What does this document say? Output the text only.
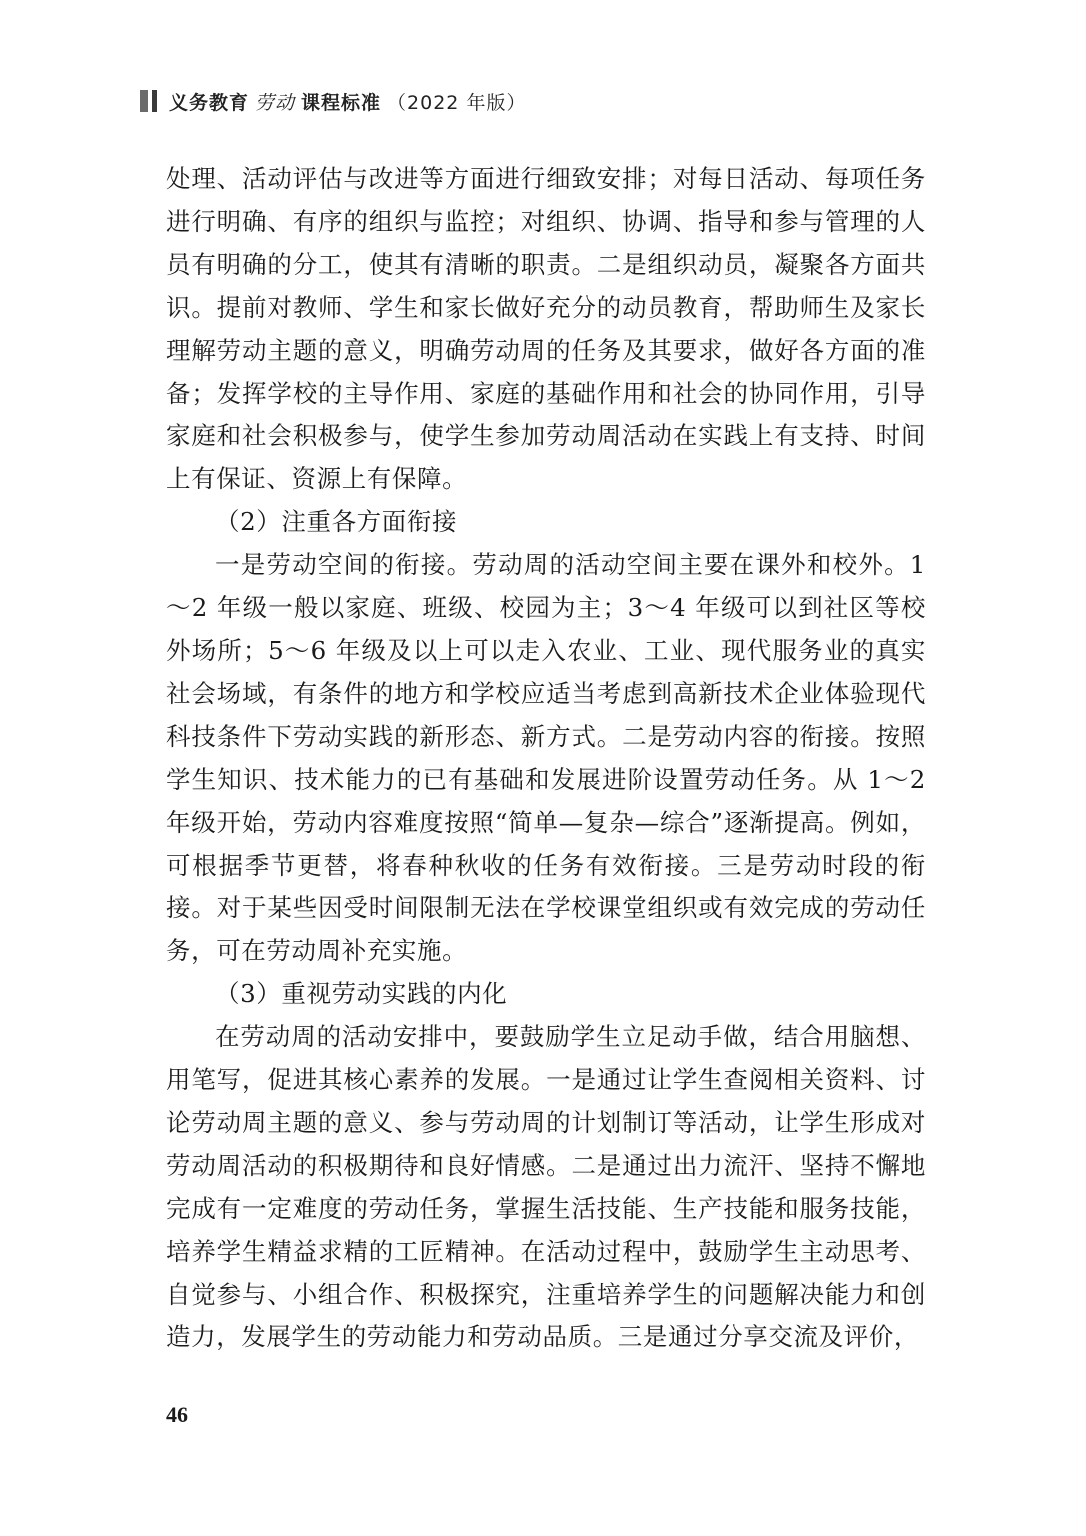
义务教育 劳动 课程标准 （2022 年版）

处理、活动评估与改进等方面进行细致安排；对每日活动、每项任务进行明确、有序的组织与监控；对组织、协调、指导和参与管理的人员有明确的分工，使其有清晰的职责。二是组织动员，凝聚各方面共识。提前对教师、学生和家长做好充分的动员教育，帮助师生及家长理解劳动主题的意义，明确劳动周的任务及其要求，做好各方面的准备；发挥学校的主导作用、家庭的基础作用和社会的协同作用，引导家庭和社会积极参与，使学生参加劳动周活动在实践上有支持、时间上有保证、资源上有保障。

（2）注重各方面衔接

一是劳动空间的衔接。劳动周的活动空间主要在课外和校外。1～2 年级一般以家庭、班级、校园为主；3～4 年级可以到社区等校外场所；5～6 年级及以上可以走入农业、工业、现代服务业的真实社会场域，有条件的地方和学校应适当考虑到高新技术企业体验现代科技条件下劳动实践的新形态、新方式。二是劳动内容的衔接。按照学生知识、技术能力的已有基础和发展进阶设置劳动任务。从 1～2 年级开始，劳动内容难度按照“简单—复杂—综合”逐渐提高。例如，可根据季节更替，将春种秋收的任务有效衔接。三是劳动时段的衔接。对于某些因受时间限制无法在学校课堂组织或有效完成的劳动任务，可在劳动周补充实施。

（3）重视劳动实践的内化

在劳动周的活动安排中，要鼓励学生立足动手做，结合用脑想、用笔写，促进其核心素养的发展。一是通过让学生查阅相关资料、讨论劳动周主题的意义、参与劳动周的计划制订等活动，让学生形成对劳动周活动的积极期待和良好情感。二是通过出力流汗、坚持不懈地完成有一定难度的劳动任务，掌握生活技能、生产技能和服务技能，培养学生精益求精的工匠精神。在活动过程中，鼓励学生主动思考、自觉参与、小组合作、积极探究，注重培养学生的问题解决能力和创造力，发展学生的劳动能力和劳动品质。三是通过分享交流及评价，

46
